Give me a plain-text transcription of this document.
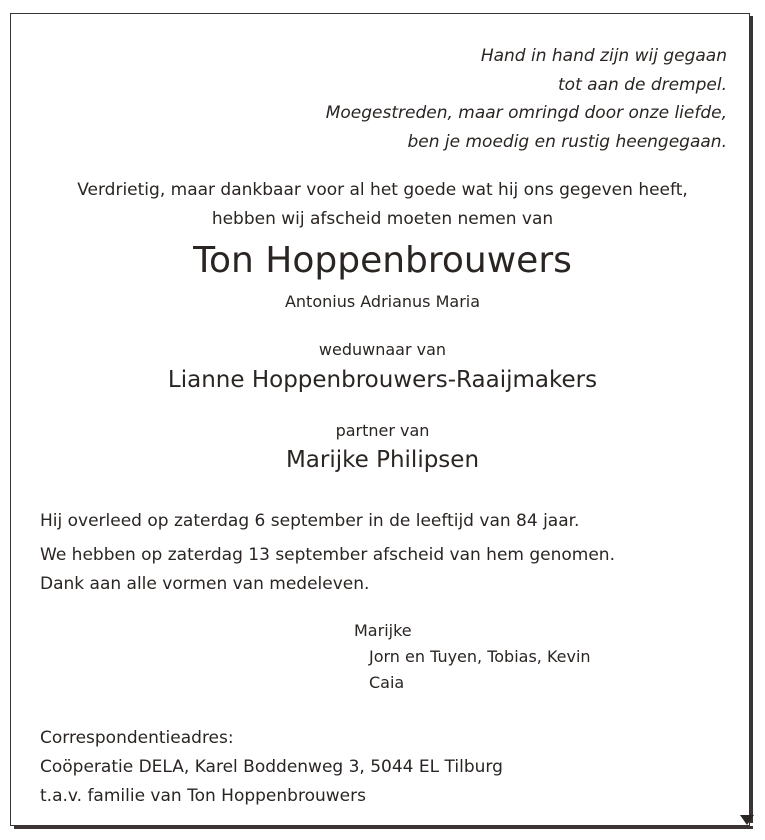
Hand in hand zijn wij gegaan
tot aan de drempel.
Moegestreden, maar omringd door onze liefde,
ben je moedig en rustig heengegaan.
Verdrietig, maar dankbaar voor al het goede wat hij ons gegeven heeft,
hebben wij afscheid moeten nemen van
Ton Hoppenbrouwers
Antonius Adrianus Maria
weduwnaar van
Lianne Hoppenbrouwers-Raaijmakers
partner van
Marijke Philipsen
Hij overleed op zaterdag 6 september in de leeftijd van 84 jaar.
We hebben op zaterdag 13 september afscheid van hem genomen.
Dank aan alle vormen van medeleven.
Marijke
Jorn en Tuyen, Tobias, Kevin
Caia
Correspondentieadres:
Coöperatie DELA, Karel Boddenweg 3, 5044 EL Tilburg
t.a.v. familie van Ton Hoppenbrouwers
